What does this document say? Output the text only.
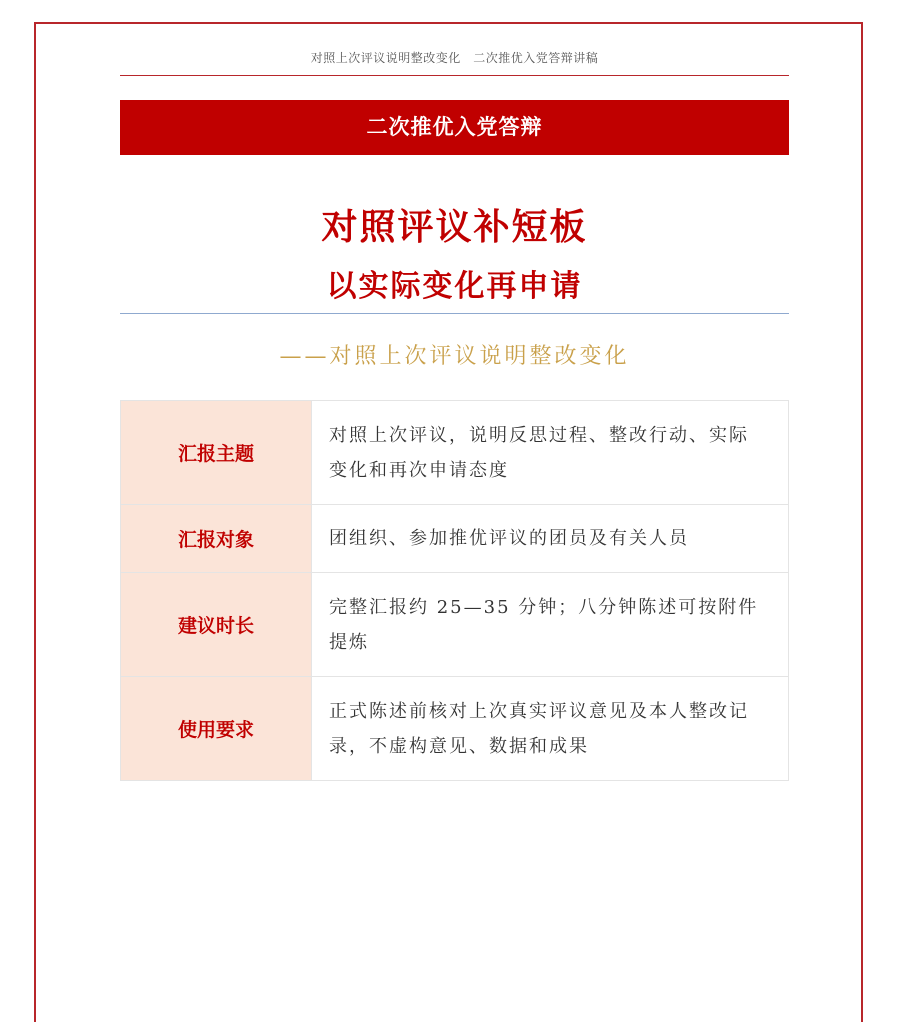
对照上次评议说明整改变化　二次推优入党答辩讲稿
二次推优入党答辩
对照评议补短板
以实际变化再申请
——对照上次评议说明整改变化
汇报主题	对照上次评议，说明反思过程、整改行动、实际变化和再次申请态度
汇报对象	团组织、参加推优评议的团员及有关人员
建议时长	完整汇报约 25—35 分钟；八分钟陈述可按附件提炼
使用要求	正式陈述前核对上次真实评议意见及本人整改记录，不虚构意见、数据和成果
